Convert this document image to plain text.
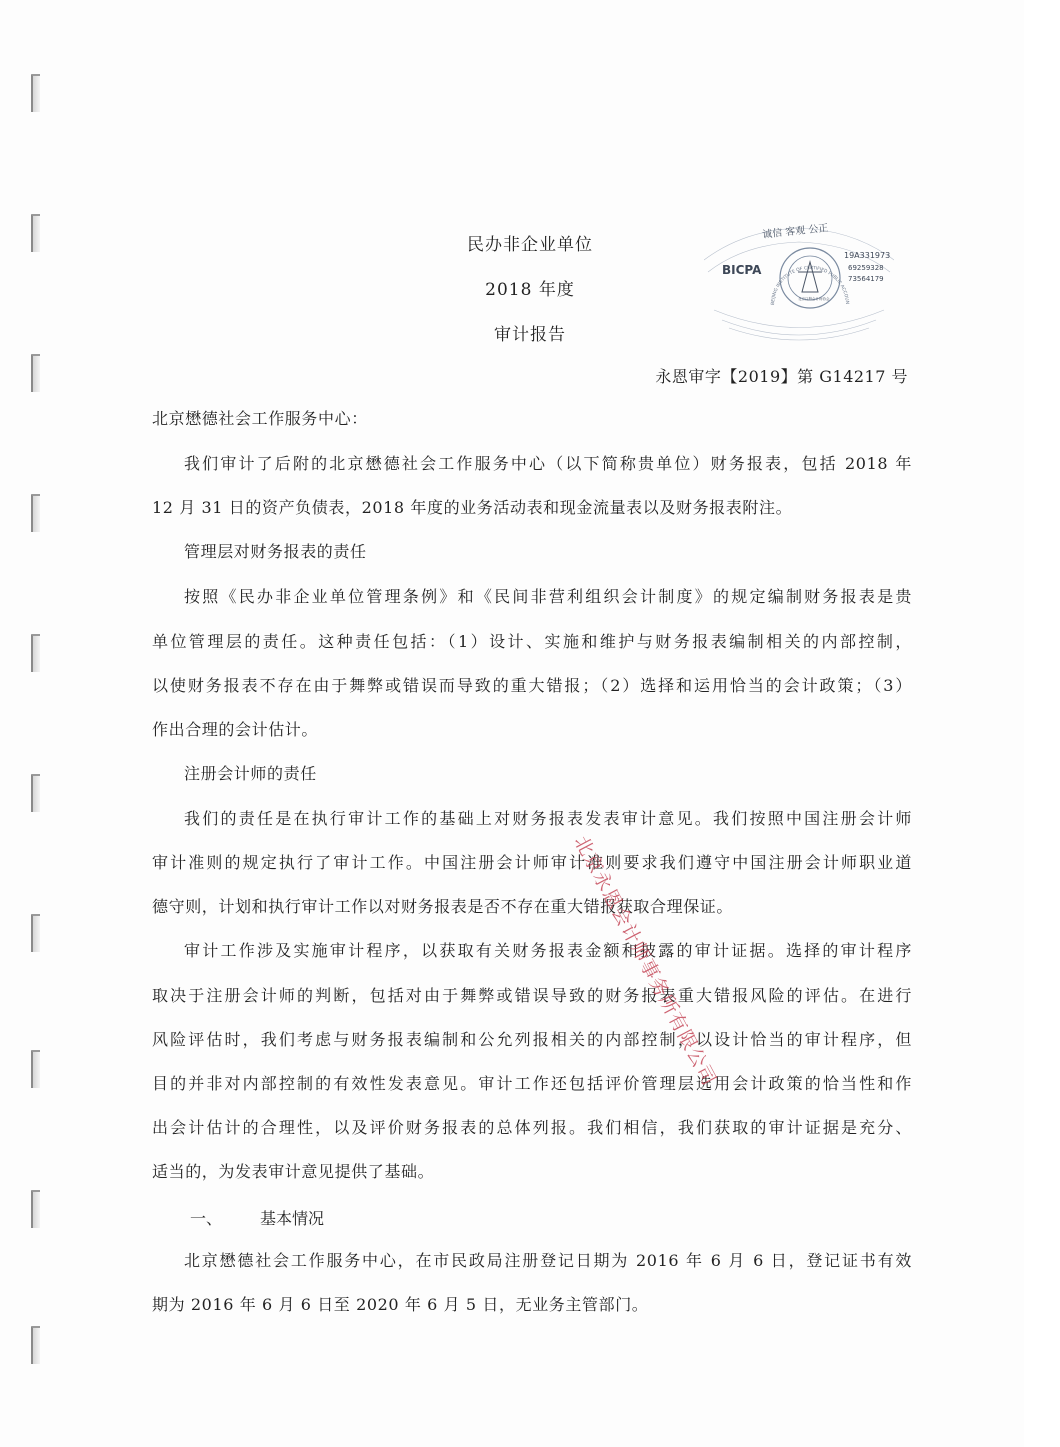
民办非企业单位
2018 年度
审计报告
永恩审字【2019】第 G14217 号
诚信 客观 公正
BEIJING INSTITUTE OF CERTIFIED PUBLIC ACCOUN
BICPA
北京注册会计师协会
19A331973
69259328
73564179
北京懋德社会工作服务中心：
我们审计了后附的北京懋德社会工作服务中心（以下简称贵单位）财务报表，包括 2018 年
12 月 31 日的资产负债表，2018 年度的业务活动表和现金流量表以及财务报表附注。
管理层对财务报表的责任
按照《民办非企业单位管理条例》和《民间非营利组织会计制度》的规定编制财务报表是贵
单位管理层的责任。这种责任包括：（1）设计、实施和维护与财务报表编制相关的内部控制，
以使财务报表不存在由于舞弊或错误而导致的重大错报；（2）选择和运用恰当的会计政策；（3）
作出合理的会计估计。
注册会计师的责任
我们的责任是在执行审计工作的基础上对财务报表发表审计意见。我们按照中国注册会计师
审计准则的规定执行了审计工作。中国注册会计师审计准则要求我们遵守中国注册会计师职业道
德守则，计划和执行审计工作以对财务报表是否不存在重大错报获取合理保证。
审计工作涉及实施审计程序，以获取有关财务报表金额和披露的审计证据。选择的审计程序
取决于注册会计师的判断，包括对由于舞弊或错误导致的财务报表重大错报风险的评估。在进行
风险评估时，我们考虑与财务报表编制和公允列报相关的内部控制，以设计恰当的审计程序，但
目的并非对内部控制的有效性发表意见。审计工作还包括评价管理层选用会计政策的恰当性和作
出会计估计的合理性，以及评价财务报表的总体列报。我们相信，我们获取的审计证据是充分、
适当的，为发表审计意见提供了基础。
一、 基本情况
北京懋德社会工作服务中心，在市民政局注册登记日期为 2016 年 6 月 6 日，登记证书有效
期为 2016 年 6 月 6 日至 2020 年 6 月 5 日，无业务主管部门。
北京永恩会计师事务所有限公司
